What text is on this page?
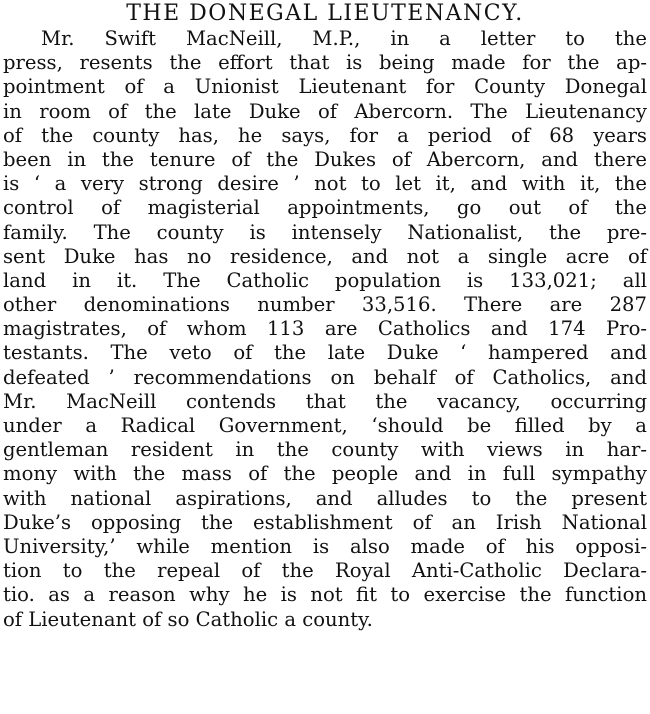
THE DONEGAL LIEUTENANCY.
Mr. Swift MacNeill, M.P., in a letter to the
press, resents the effort that is being made for the ap-
pointment of a Unionist Lieutenant for County Donegal
in room of the late Duke of Abercorn. The Lieutenancy
of the county has, he says, for a period of 68 years
been in the tenure of the Dukes of Abercorn, and there
is ‘ a very strong desire ’ not to let it, and with it, the
control of magisterial appointments, go out of the
family. The county is intensely Nationalist, the pre-
sent Duke has no residence, and not a single acre of
land in it. The Catholic population is 133,021; all
other denominations number 33,516. There are 287
magistrates, of whom 113 are Catholics and 174 Pro-
testants. The veto of the late Duke ‘ hampered and
defeated ’ recommendations on behalf of Catholics, and
Mr. MacNeill contends that the vacancy, occurring
under a Radical Government, ‘should be filled by a
gentleman resident in the county with views in har-
mony with the mass of the people and in full sympathy
with national aspirations, and alludes to the present
Duke’s opposing the establishment of an Irish National
University,’ while mention is also made of his opposi-
tion to the repeal of the Royal Anti-Catholic Declara-
tio. as a reason why he is not fit to exercise the function
of Lieutenant of so Catholic a county.
